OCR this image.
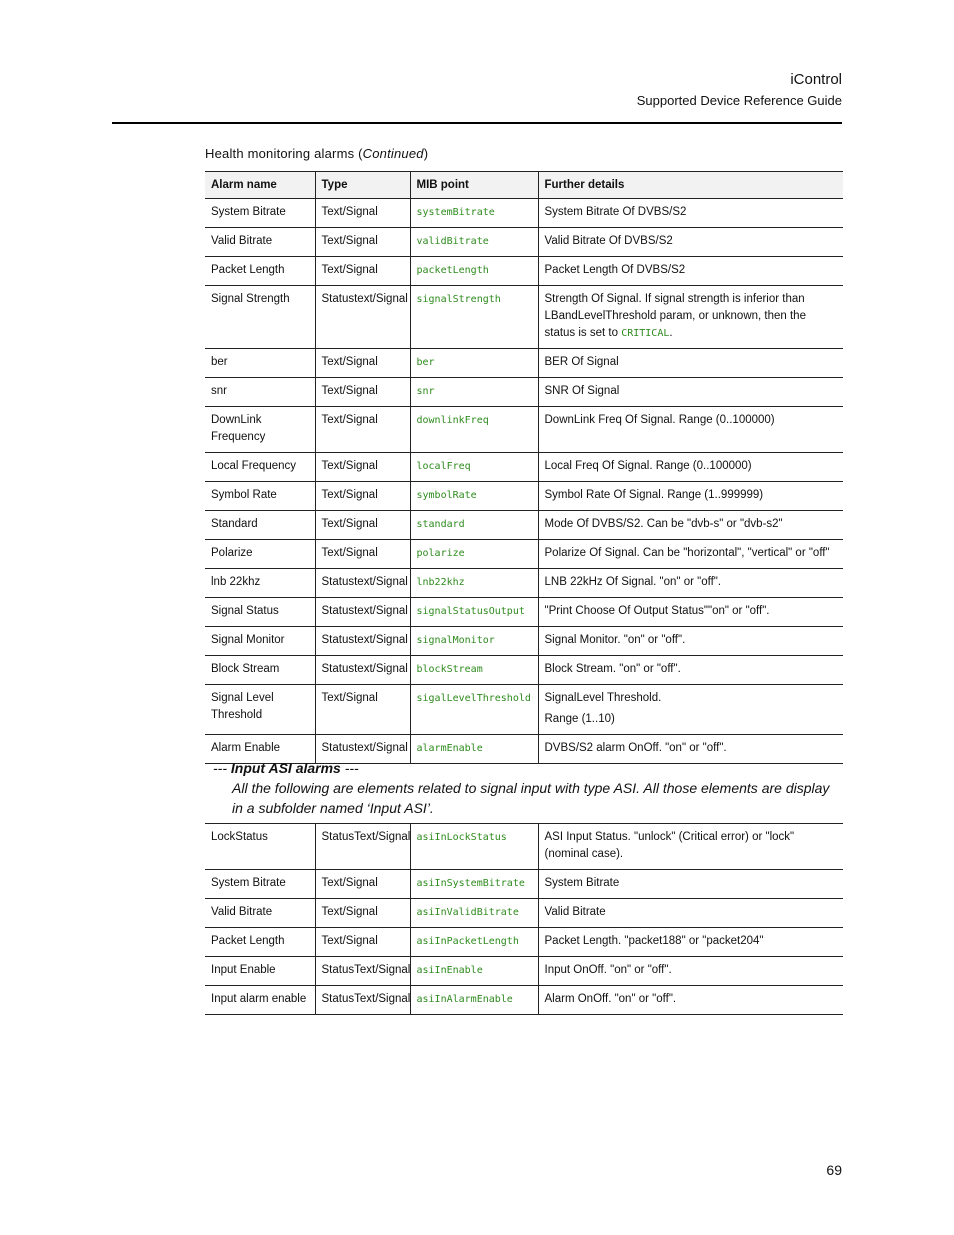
iControl
Supported Device Reference Guide
Health monitoring alarms (Continued)
Alarm name	Type	MIB point	Further details
System Bitrate	Text/Signal	systemBitrate	System Bitrate Of DVBS/S2
Valid Bitrate	Text/Signal	validBitrate	Valid Bitrate Of DVBS/S2
Packet Length	Text/Signal	packetLength	Packet Length Of DVBS/S2
Signal Strength	Statustext/Signal	signalStrength	Strength Of Signal. If signal strength is inferior than LBandLevelThreshold param, or unknown, then the status is set to CRITICAL.
ber	Text/Signal	ber	BER Of Signal
snr	Text/Signal	snr	SNR Of Signal
DownLink Frequency	Text/Signal	downlinkFreq	DownLink Freq Of Signal. Range (0..100000)
Local Frequency	Text/Signal	localFreq	Local Freq Of Signal. Range (0..100000)
Symbol Rate	Text/Signal	symbolRate	Symbol Rate Of Signal. Range (1..999999)
Standard	Text/Signal	standard	Mode Of DVBS/S2. Can be "dvb-s" or "dvb-s2"
Polarize	Text/Signal	polarize	Polarize Of Signal. Can be "horizontal", "vertical" or "off"
lnb 22khz	Statustext/Signal	lnb22khz	LNB 22kHz Of Signal. "on" or "off".
Signal Status	Statustext/Signal	signalStatusOutput	"Print Choose Of Output Status""on" or "off".
Signal Monitor	Statustext/Signal	signalMonitor	Signal Monitor. "on" or "off".
Block Stream	Statustext/Signal	blockStream	Block Stream. "on" or "off".
Signal Level Threshold	Text/Signal	sigalLevelThreshold	SignalLevel Threshold.
Range (1..10)

Alarm Enable	Statustext/Signal	alarmEnable	DVBS/S2 alarm OnOff. "on" or "off".
--- Input ASI alarms ---
All the following are elements related to signal input with type ASI. All those elements are display in a subfolder named ‘Input ASI’.
LockStatus	StatusText/Signal	asiInLockStatus	ASI Input Status. "unlock" (Critical error) or "lock" (nominal case).
System Bitrate	Text/Signal	asiInSystemBitrate	System Bitrate
Valid Bitrate	Text/Signal	asiInValidBitrate	Valid Bitrate
Packet Length	Text/Signal	asiInPacketLength	Packet Length. "packet188" or "packet204"
Input Enable	StatusText/Signal	asiInEnable	Input OnOff. "on" or "off".
Input alarm enable	StatusText/Signal	asiInAlarmEnable	Alarm OnOff. "on" or "off".
69
